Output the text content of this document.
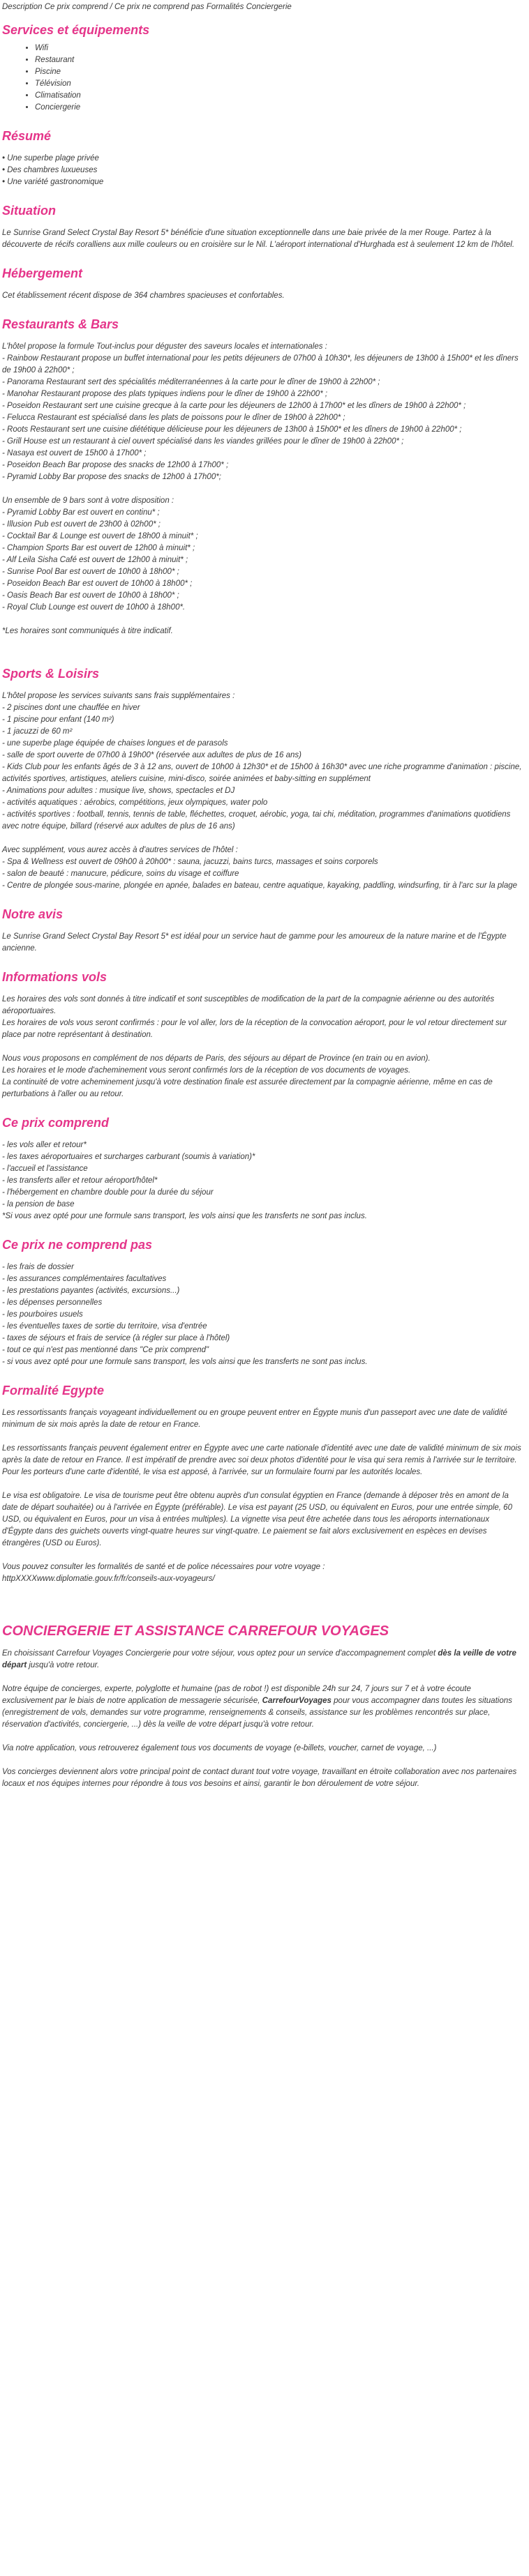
Description Ce prix comprend / Ce prix ne comprend pas Formalités Conciergerie

Services et équipements
• Wifi
• Restaurant
• Piscine
• Télévision
• Climatisation
• Conciergerie
Résumé
• Une superbe plage privée
• Des chambres luxueuses
• Une variété gastronomique
Situation

Le Sunrise Grand Select Crystal Bay Resort 5* bénéficie d'une situation exceptionnelle dans une baie privée de la mer Rouge. Partez à la découverte de récifs coralliens aux mille couleurs ou en croisière sur le Nil. L'aéroport international d'Hurghada est à seulement 12 km de l'hôtel.

Hébergement

Cet établissement récent dispose de 364 chambres spacieuses et confortables.

Restaurants & Bars
L'hôtel propose la formule Tout-inclus pour déguster des saveurs locales et internationales :
- Rainbow Restaurant propose un buffet international pour les petits déjeuners de 07h00 à 10h30*, les déjeuners de 13h00 à 15h00* et les dîners de 19h00 à 22h00* ;
- Panorama Restaurant sert des spécialités méditerranéennes à la carte pour le dîner de 19h00 à 22h00* ;
- Manohar Restaurant propose des plats typiques indiens pour le dîner de 19h00 à 22h00* ;
- Poseidon Restaurant sert une cuisine grecque à la carte pour les déjeuners de 12h00 à 17h00* et les dîners de 19h00 à 22h00* ;
- Felucca Restaurant est spécialisé dans les plats de poissons pour le dîner de 19h00 à 22h00* ;
- Roots Restaurant sert une cuisine diététique délicieuse pour les déjeuners de 13h00 à 15h00* et les dîners de 19h00 à 22h00* ;
- Grill House est un restaurant à ciel ouvert spécialisé dans les viandes grillées pour le dîner de 19h00 à 22h00* ;
- Nasaya est ouvert de 15h00 à 17h00* ;
- Poseidon Beach Bar propose des snacks de 12h00 à 17h00* ;
- Pyramid Lobby Bar propose des snacks de 12h00 à 17h00*;
Un ensemble de 9 bars sont à votre disposition :
- Pyramid Lobby Bar est ouvert en continu* ;
- Illusion Pub est ouvert de 23h00 à 02h00* ;
- Cocktail Bar & Lounge est ouvert de 18h00 à minuit* ;
- Champion Sports Bar est ouvert de 12h00 à minuit* ;
- Alf Leila Sisha Café est ouvert de 12h00 à minuit* ;
- Sunrise Pool Bar est ouvert de 10h00 à 18h00* ;
- Poseidon Beach Bar est ouvert de 10h00 à 18h00* ;
- Oasis Beach Bar est ouvert de 10h00 à 18h00* ;
- Royal Club Lounge est ouvert de 10h00 à 18h00*.

*Les horaires sont communiqués à titre indicatif.

Sports & Loisirs
L'hôtel propose les services suivants sans frais supplémentaires :
- 2 piscines dont une chauffée en hiver
- 1 piscine pour enfant (140 m²)
- 1 jacuzzi de 60 m²
- une superbe plage équipée de chaises longues et de parasols
- salle de sport ouverte de 07h00 à 19h00* (réservée aux adultes de plus de 16 ans)
- Kids Club pour les enfants âgés de 3 à 12 ans, ouvert de 10h00 à 12h30* et de 15h00 à 16h30* avec une riche programme d'animation : piscine, activités sportives, artistiques, ateliers cuisine, mini-disco, soirée animées et baby-sitting en supplément
- Animations pour adultes : musique live, shows, spectacles et DJ
- activités aquatiques : aérobics, compétitions, jeux olympiques, water polo
- activités sportives : football, tennis, tennis de table, fléchettes, croquet, aérobic, yoga, tai chi, méditation, programmes d'animations quotidiens avec notre équipe, billard (réservé aux adultes de plus de 16 ans)
Avec supplément, vous aurez accès à d'autres services de l'hôtel :
- Spa & Wellness est ouvert de 09h00 à 20h00* : sauna, jacuzzi, bains turcs, massages et soins corporels
- salon de beauté : manucure, pédicure, soins du visage et coiffure
- Centre de plongée sous-marine, plongée en apnée, balades en bateau, centre aquatique, kayaking, paddling, windsurfing, tir à l'arc sur la plage
Notre avis

Le Sunrise Grand Select Crystal Bay Resort 5* est idéal pour un service haut de gamme pour les amoureux de la nature marine et de l'Égypte ancienne.

Informations vols

Les horaires des vols sont donnés à titre indicatif et sont susceptibles de modification de la part de la compagnie aérienne ou des autorités aéroportuaires.

Les horaires de vols vous seront confirmés : pour le vol aller, lors de la réception de la convocation aéroport, pour le vol retour directement sur place par notre représentant à destination.

Nous vous proposons en complément de nos départs de Paris, des séjours au départ de Province (en train ou en avion).

Les horaires et le mode d'acheminement vous seront confirmés lors de la réception de vos documents de voyages.

La continuité de votre acheminement jusqu'à votre destination finale est assurée directement par la compagnie aérienne, même en cas de perturbations à l'aller ou au retour.

Ce prix comprend
- les vols aller et retour*
- les taxes aéroportuaires et surcharges carburant (soumis à variation)*
- l'accueil et l'assistance
- les transferts aller et retour aéroport/hôtel*
- l'hébergement en chambre double pour la durée du séjour
- la pension de base
*Si vous avez opté pour une formule sans transport, les vols ainsi que les transferts ne sont pas inclus.
Ce prix ne comprend pas
- les frais de dossier
- les assurances complémentaires facultatives
- les prestations payantes (activités, excursions...)
- les dépenses personnelles
- les pourboires usuels
- les éventuelles taxes de sortie du territoire, visa d'entrée
- taxes de séjours et frais de service (à régler sur place à l'hôtel)
- tout ce qui n'est pas mentionné dans "Ce prix comprend"
- si vous avez opté pour une formule sans transport, les vols ainsi que les transferts ne sont pas inclus.
Formalité Egypte

Les ressortissants français voyageant individuellement ou en groupe peuvent entrer en Égypte munis d'un passeport avec une date de validité minimum de six mois après la date de retour en France.

Les ressortissants français peuvent également entrer en Égypte avec une carte nationale d'identité avec une date de validité minimum de six mois après la date de retour en France. Il est impératif de prendre avec soi deux photos d'identité pour le visa qui sera remis à l'arrivée sur le territoire. Pour les porteurs d'une carte d'identité, le visa est apposé, à l'arrivée, sur un formulaire fourni par les autorités locales.

Le visa est obligatoire. Le visa de tourisme peut être obtenu auprès d'un consulat égyptien en France (demande à déposer très en amont de la date de départ souhaitée) ou à l'arrivée en Égypte (préférable). Le visa est payant (25 USD, ou équivalent en Euros, pour une entrée simple, 60 USD, ou équivalent en Euros, pour un visa à entrées multiples). La vignette visa peut être achetée dans tous les aéroports internationaux d'Égypte dans des guichets ouverts vingt-quatre heures sur vingt-quatre. Le paiement se fait alors exclusivement en espèces en devises étrangères (USD ou Euros).

Vous pouvez consulter les formalités de santé et de police nécessaires pour votre voyage :

httpXXXXwww.diplomatie.gouv.fr/fr/conseils-aux-voyageurs/

CONCIERGERIE ET ASSISTANCE CARREFOUR VOYAGES

En choisissant Carrefour Voyages Conciergerie pour votre séjour, vous optez pour un service d'accompagnement complet dès la veille de votre départ jusqu'à votre retour.

Notre équipe de concierges, experte, polyglotte et humaine (pas de robot !) est disponible 24h sur 24, 7 jours sur 7 et à votre écoute exclusivement par le biais de notre application de messagerie sécurisée, CarrefourVoyages pour vous accompagner dans toutes les situations (enregistrement de vols, demandes sur votre programme, renseignements & conseils, assistance sur les problèmes rencontrés sur place, réservation d'activités, conciergerie, ...) dès la veille de votre départ jusqu'à votre retour.

Via notre application, vous retrouverez également tous vos documents de voyage (e-billets, voucher, carnet de voyage, ...)

Vos concierges deviennent alors votre principal point de contact durant tout votre voyage, travaillant en étroite collaboration avec nos partenaires locaux et nos équipes internes pour répondre à tous vos besoins et ainsi, garantir le bon déroulement de votre séjour.
